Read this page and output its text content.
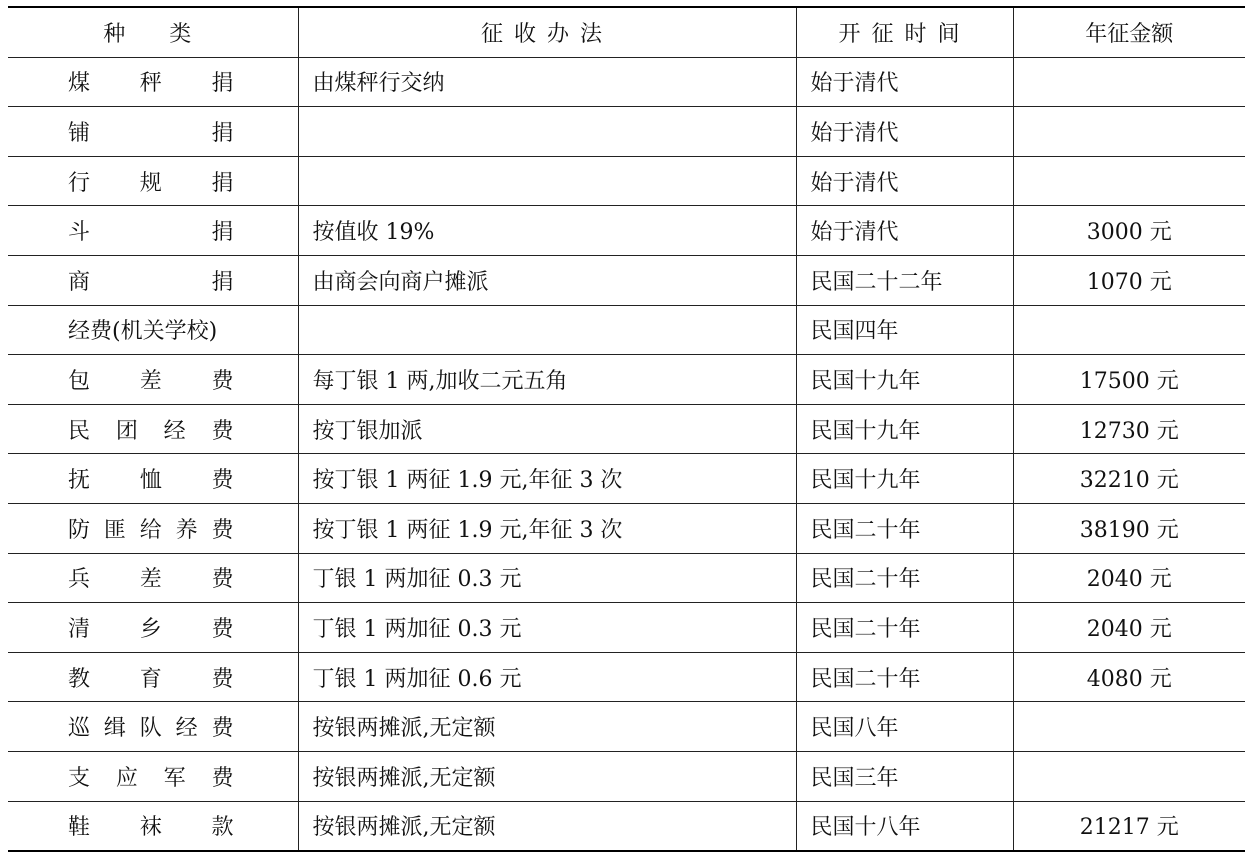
种　类	征收办法	开征时间	年征金额
煤 秤 捐	由煤秤行交纳	始于清代	
铺 捐		始于清代	
行 规 捐		始于清代	
斗 捐	按值收 19%	始于清代	3000 元
商 捐	由商会向商户摊派	民国二十二年	1070 元
经费(机关学校)		民国四年	
包 差 费	每丁银 1 两,加收二元五角	民国十九年	17500 元
民 团 经 费	按丁银加派	民国十九年	12730 元
抚 恤 费	按丁银 1 两征 1.9 元,年征 3 次	民国十九年	32210 元
防 匪 给 养 费	按丁银 1 两征 1.9 元,年征 3 次	民国二十年	38190 元
兵 差 费	丁银 1 两加征 0.3 元	民国二十年	2040 元
清 乡 费	丁银 1 两加征 0.3 元	民国二十年	2040 元
教 育 费	丁银 1 两加征 0.6 元	民国二十年	4080 元
巡 缉 队 经 费	按银两摊派,无定额	民国八年	
支 应 军 费	按银两摊派,无定额	民国三年	
鞋 袜 款	按银两摊派,无定额	民国十八年	21217 元
